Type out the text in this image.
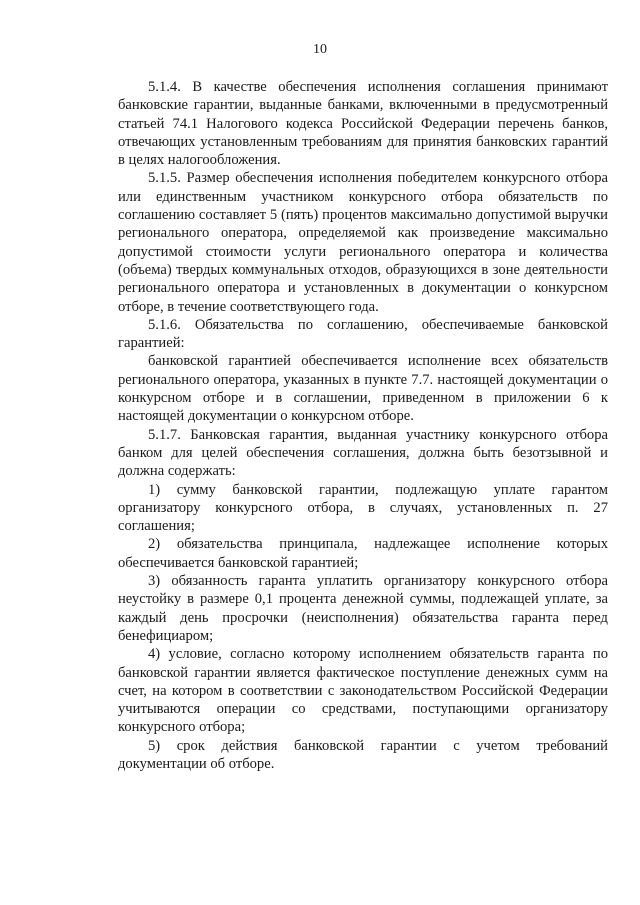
10

5.1.4. В качестве обеспечения исполнения соглашения принимают банковские гарантии, выданные банками, включенными в предусмотренный статьей 74.1 Налогового кодекса Российской Федерации перечень банков, отвечающих установленным требованиям для принятия банковских гарантий в целях налогообложения.

5.1.5. Размер обеспечения исполнения победителем конкурсного отбора или единственным участником конкурсного отбора обязательств по соглашению составляет 5 (пять) процентов максимально допустимой выручки регионального оператора, определяемой как произведение максимально допустимой стоимости услуги регионального оператора и количества (объема) твердых коммунальных отходов, образующихся в зоне деятельности регионального оператора и установленных в документации о конкурсном отборе, в течение соответствующего года.

5.1.6. Обязательства по соглашению, обеспечиваемые банковской гарантией:

банковской гарантией обеспечивается исполнение всех обязательств регионального оператора, указанных в пункте 7.7. настоящей документации о конкурсном отборе и в соглашении, приведенном в приложении 6 к настоящей документации о конкурсном отборе.

5.1.7. Банковская гарантия, выданная участнику конкурсного отбора банком для целей обеспечения соглашения, должна быть безотзывной и должна содержать:

1) сумму банковской гарантии, подлежащую уплате гарантом организатору конкурсного отбора, в случаях, установленных п. 27 соглашения;

2) обязательства принципала, надлежащее исполнение которых обеспечивается банковской гарантией;

3) обязанность гаранта уплатить организатору конкурсного отбора неустойку в размере 0,1 процента денежной суммы, подлежащей уплате, за каждый день просрочки (неисполнения) обязательства гаранта перед бенефициаром;

4) условие, согласно которому исполнением обязательств гаранта по банковской гарантии является фактическое поступление денежных сумм на счет, на котором в соответствии с законодательством Российской Федерации учитываются операции со средствами, поступающими организатору конкурсного отбора;

5) срок действия банковской гарантии с учетом требований документации об отборе.
